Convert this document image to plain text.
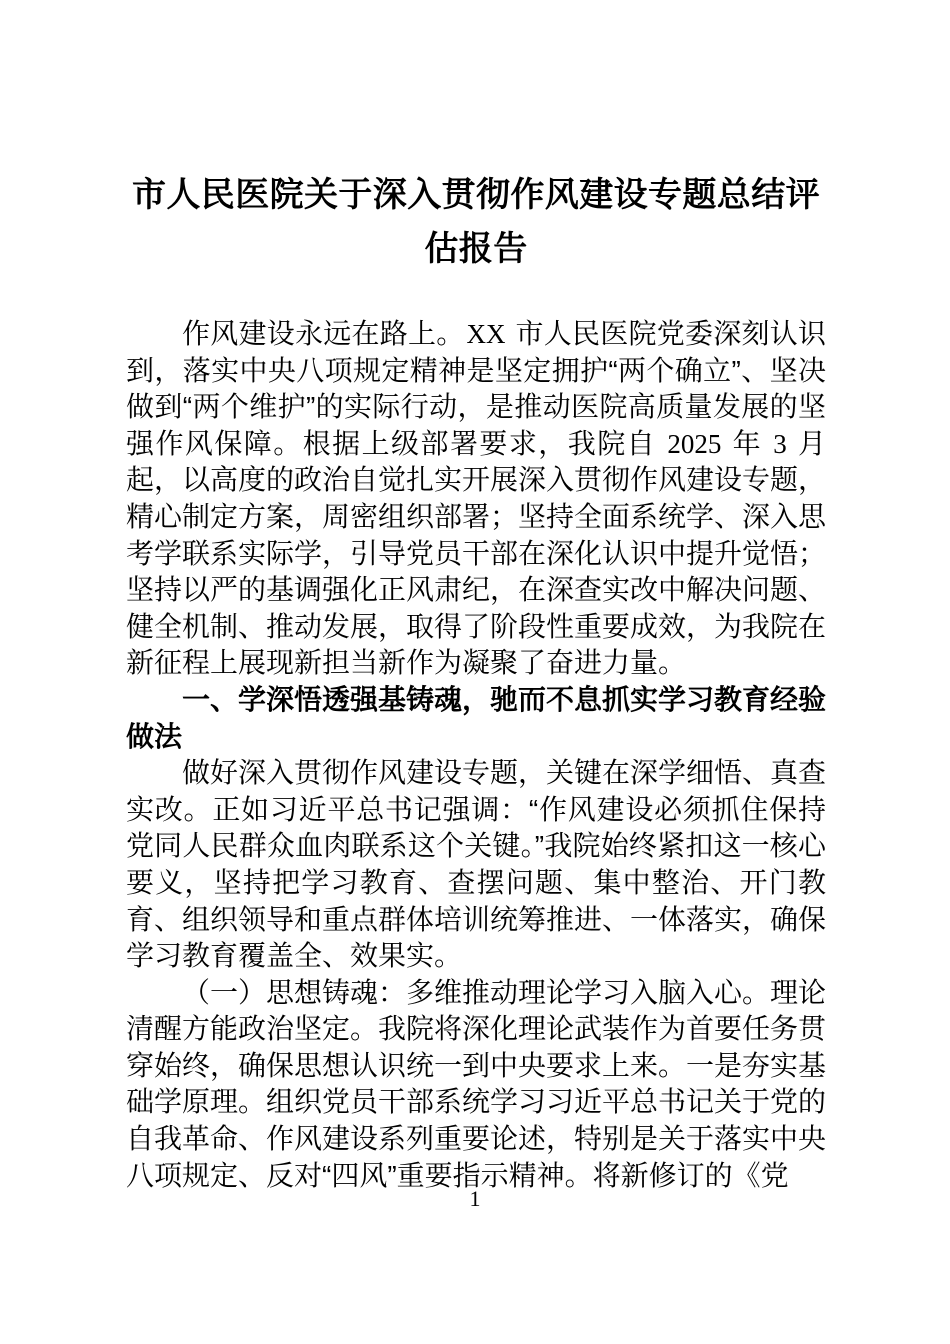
市人民医院关于深入贯彻作风建设专题总结评估报告

作风建设永远在路上。XX 市人民医院党委深刻认识到，落实中央八项规定精神是坚定拥护“两个确立”、坚决做到“两个维护”的实际行动，是推动医院高质量发展的坚强作风保障。根据上级部署要求，我院自 2025 年 3 月起，以高度的政治自觉扎实开展深入贯彻作风建设专题，精心制定方案，周密组织部署；坚持全面系统学、深入思考学联系实际学，引导党员干部在深化认识中提升觉悟；坚持以严的基调强化正风肃纪，在深查实改中解决问题、健全机制、推动发展，取得了阶段性重要成效，为我院在新征程上展现新担当新作为凝聚了奋进力量。

一、学深悟透强基铸魂，驰而不息抓实学习教育经验做法

做好深入贯彻作风建设专题，关键在深学细悟、真查实改。正如习近平总书记强调：“作风建设必须抓住保持党同人民群众血肉联系这个关键。”我院始终紧扣这一核心要义，坚持把学习教育、查摆问题、集中整治、开门教育、组织领导和重点群体培训统筹推进、一体落实，确保学习教育覆盖全、效果实。

（一）思想铸魂：多维推动理论学习入脑入心。理论清醒方能政治坚定。我院将深化理论武装作为首要任务贯穿始终，确保思想认识统一到中央要求上来。一是夯实基础学原理。组织党员干部系统学习习近平总书记关于党的自我革命、作风建设系列重要论述，特别是关于落实中央八项规定、反对“四风”重要指示精神。将新修订的《党

1
